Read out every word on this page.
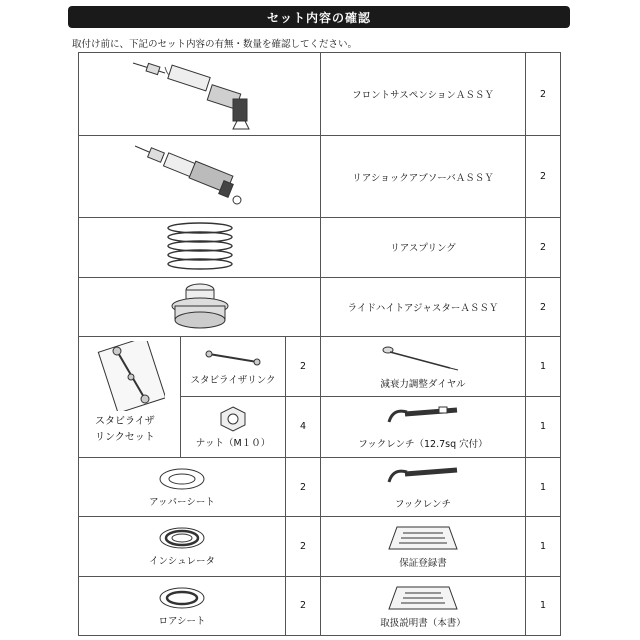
セット内容の確認
取付け前に、下記のセット内容の有無・数量を確認してください。
	フロントサスペンションＡＳＳＹ	2

	リアショックアブソーバＡＳＳＹ	2

	リアスプリング	2

	ライドハイトアジャスターＡＳＳＹ	2

スタビライザ
リンクセット	スタビライザリンク	2	減衰力調整ダイヤル	1

	ナット（M１０）	4	フックレンチ（12.7sq 穴付）	1

アッパーシート		2	フックレンチ	1

インシュレータ		2	保証登録書	1

ロアシート		2	取扱説明書（本書）	1
